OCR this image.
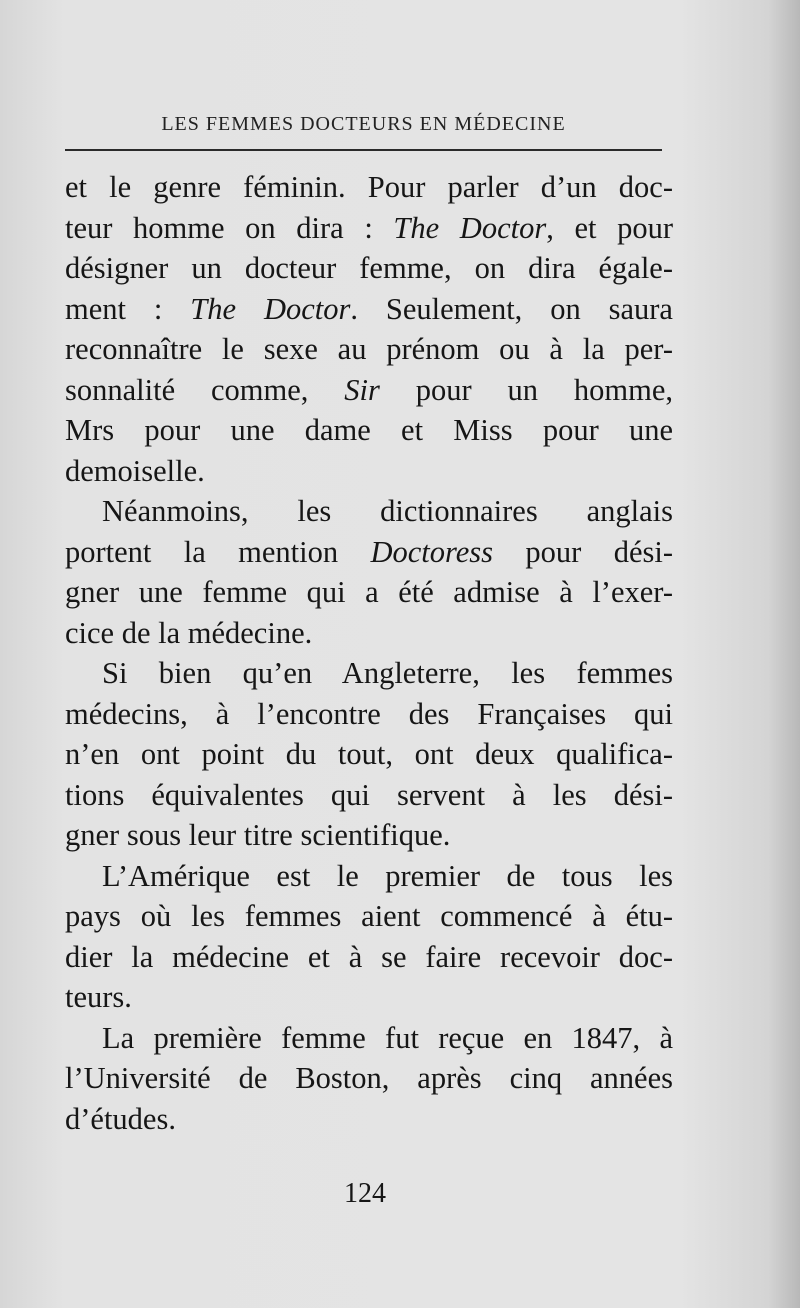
LES FEMMES DOCTEURS EN MÉDECINE
et le genre féminin. Pour parler d’un doc-
teur homme on dira : The Doctor, et pour
désigner un docteur femme, on dira égale-
ment : The Doctor. Seulement, on saura
reconnaître le sexe au prénom ou à la per-
sonnalité comme, Sir pour un homme,
Mrs pour une dame et Miss pour une
demoiselle.
Néanmoins, les dictionnaires anglais
portent la mention Doctoress pour dési-
gner une femme qui a été admise à l’exer-
cice de la médecine.
Si bien qu’en Angleterre, les femmes
médecins, à l’encontre des Françaises qui
n’en ont point du tout, ont deux qualifica-
tions équivalentes qui servent à les dési-
gner sous leur titre scientifique.
L’Amérique est le premier de tous les
pays où les femmes aient commencé à étu-
dier la médecine et à se faire recevoir doc-
teurs.
La première femme fut reçue en 1847, à
l’Université de Boston, après cinq années
d’études.
124
